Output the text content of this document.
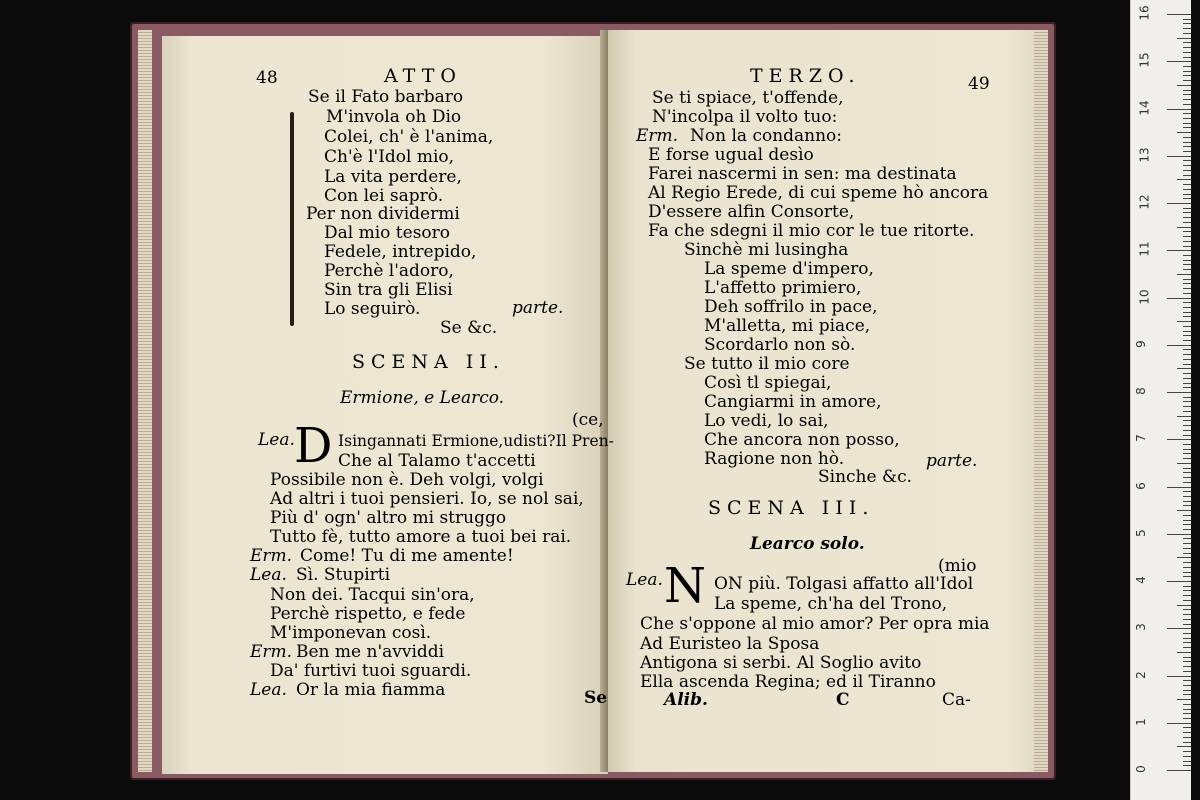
48	ATTO
Se il Fato barbaro
M'invola oh Dio
Colei, ch' è l'anima,
Ch'è l'Idol mio,
La vita perdere,
Con lei saprò.
Per non dividermi
Dal mio tesoro
Fedele, intrepido,
Perchè l'adoro,
Sin tra gli Elisi
Lo seguirò.	parte.
Se &c.
SCENA II.
Ermione, e Learco.
(ce,
Lea. D Isingannati Ermione,udisti?Il Pren-
Che al Talamo t'accetti
Possibile non è. Deh volgi, volgi
Ad altri i tuoi pensieri. Io, se nol sai,
Più d' ogn' altro mi struggo
Tutto fè, tutto amore a tuoi bei rai.
Erm. Come! Tu di me amente!
Lea. Sì. Stupirti
Non dei. Tacqui sin'ora,
Perchè rispetto, e fede
M'imponevan così.
Erm. Ben me n'avviddi
Da' furtivi tuoi sguardi.
Lea. Or la mia fiamma	Se
TERZO.	49
Se ti spiace, t'offende,
N'incolpa il volto tuo:
Erm. Non la condanno:
E forse ugual desìo
Farei nascermi in sen: ma destinata
Al Regio Erede, di cui speme hò ancora
D'essere alfin Consorte,
Fa che sdegni il mio cor le tue ritorte.
Sinchè mi lusingha
La speme d'impero,
L'affetto primiero,
Deh soffrilo in pace,
M'alletta, mi piace,
Scordarlo non sò.
Se tutto il mio core
Così tl spiegai,
Cangiarmi in amore,
Lo vedi, lo sai,
Che ancora non posso,
Ragione non hò.	parte.
Sinche &c.
SCENA III.
Learco solo.
(mio
Lea. N ON più. Tolgasi affatto all'Idol
La speme, ch'ha del Trono,
Che s'oppone al mio amor? Per opra mia
Ad Euristeo la Sposa
Antigona si serbi. Al Soglio avito
Ella ascenda Regina; ed il Tiranno
Alib.	C	Ca-
0
1
2
3
4
5
6
7
8
9
10
11
12
13
14
15
16
